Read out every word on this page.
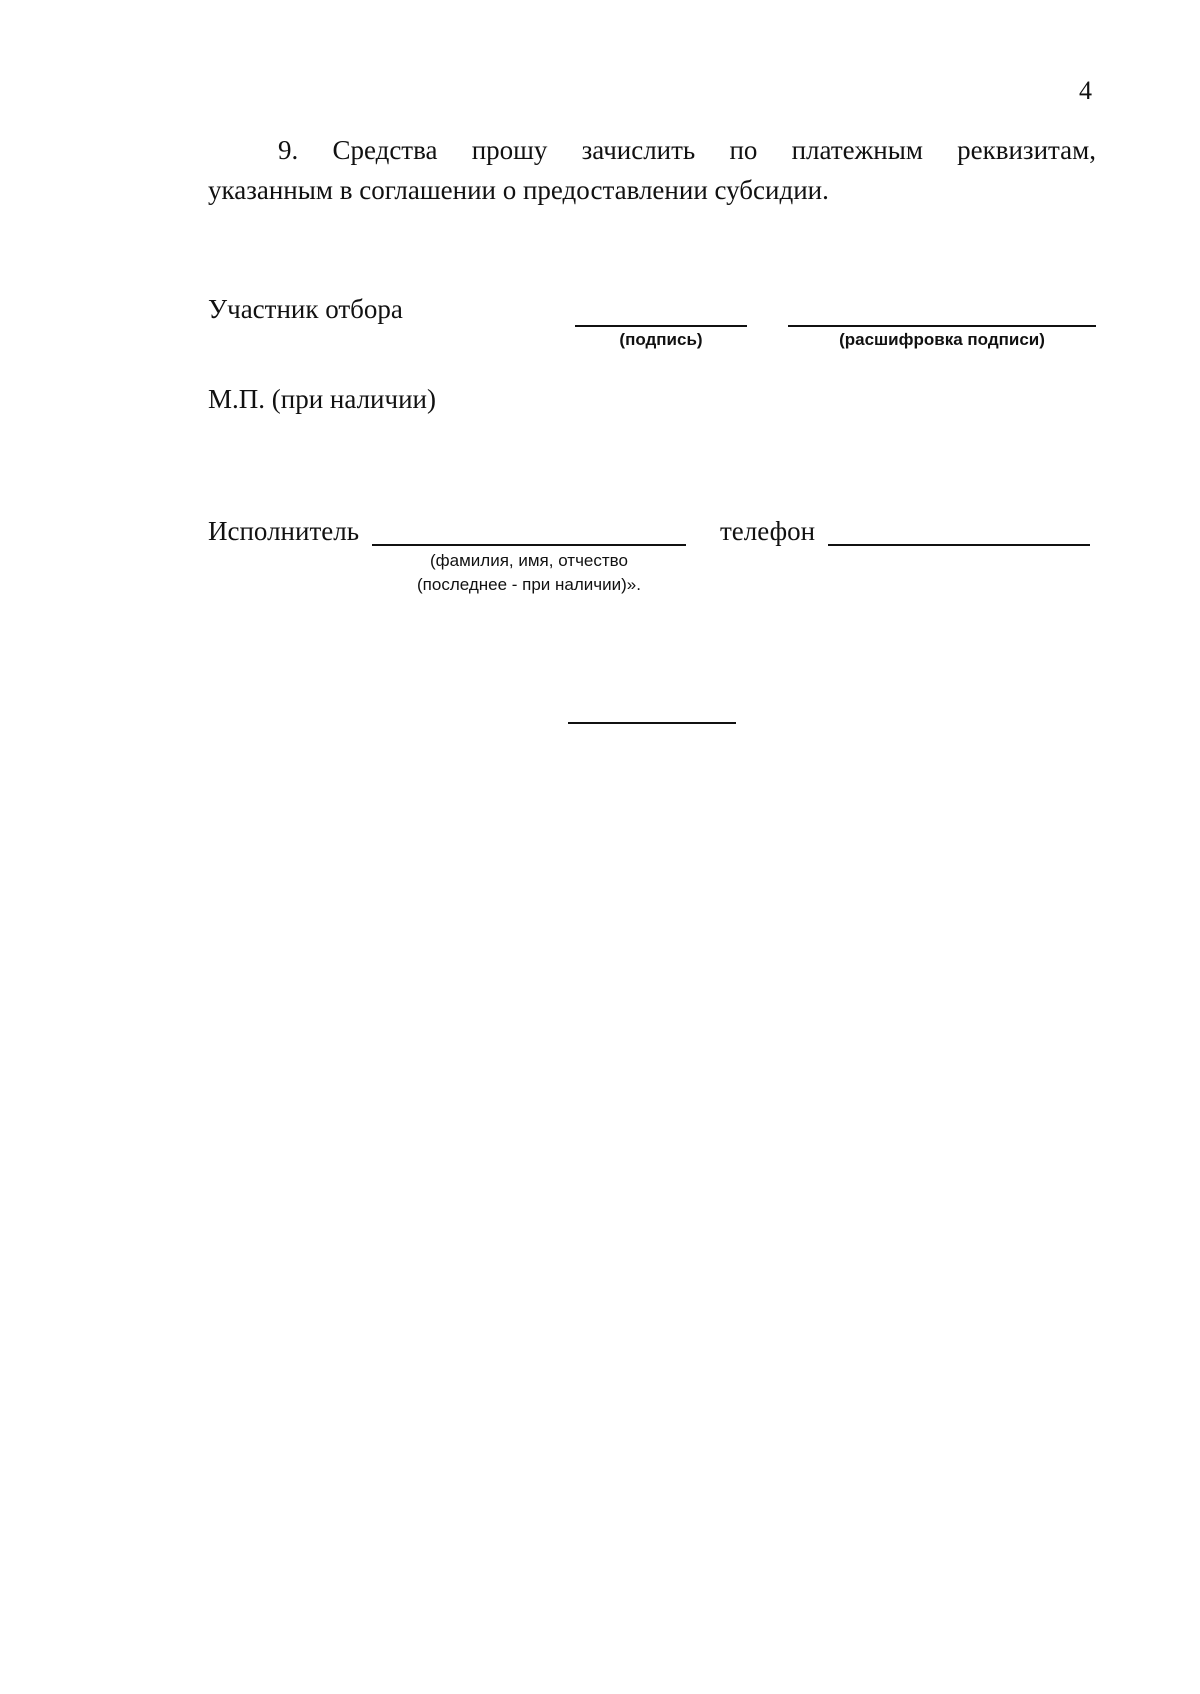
4
9. Средства прошу зачислить по платежным реквизитам,
указанным в соглашении о предоставлении субсидии.
Участник отбора
(подпись)	(расшифровка подписи)
М.П. (при наличии)
Исполнитель
(фамилия, имя, отчество
(последнее - при наличии)».
телефон
